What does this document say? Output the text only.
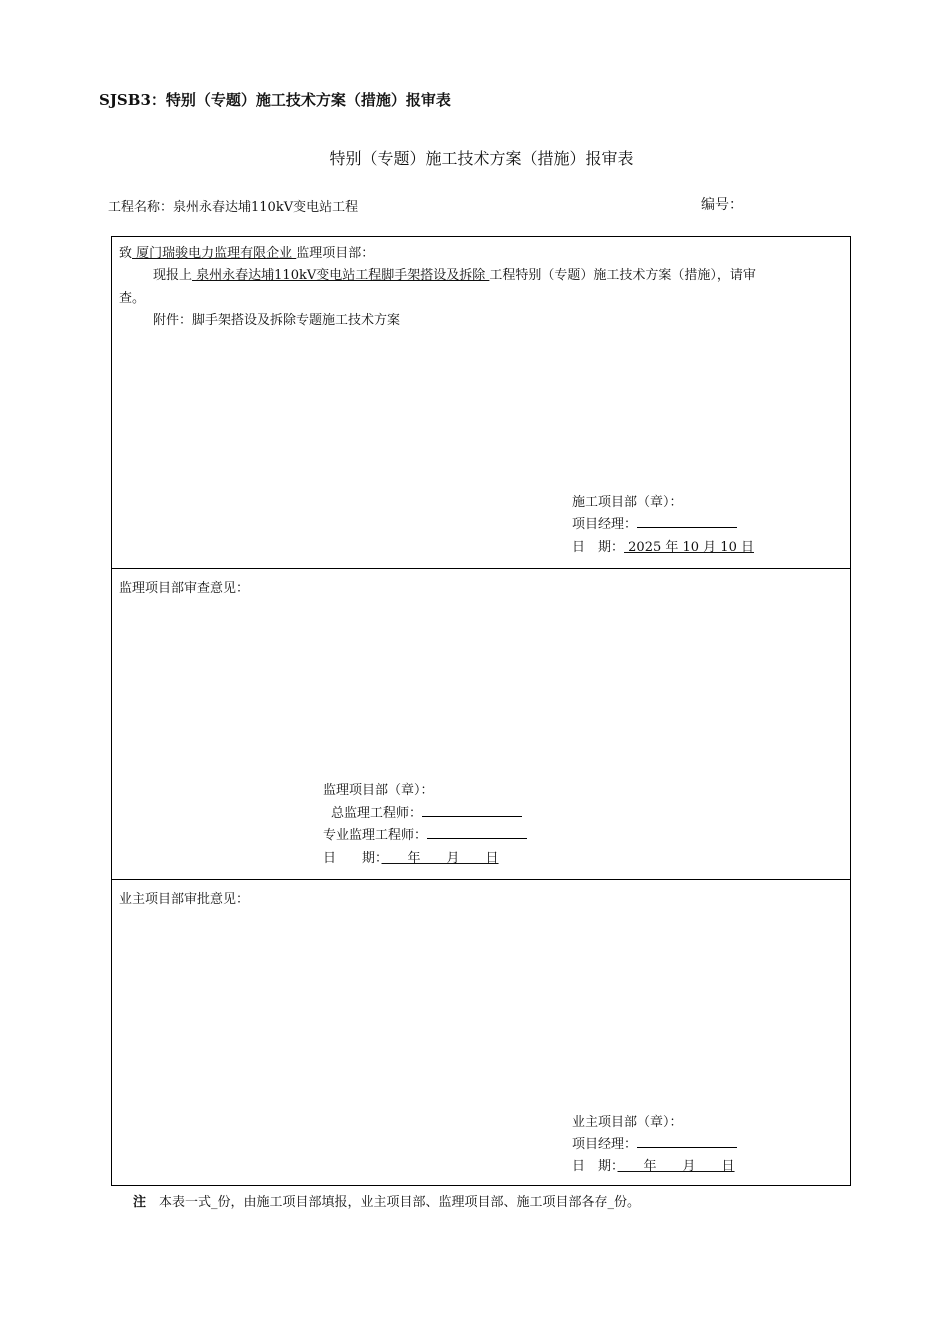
SJSB3：特别（专题）施工技术方案（措施）报审表
特别（专题）施工技术方案（措施）报审表
工程名称：泉州永春达埔110kV变电站工程	编号：
致 厦门瑞骏电力监理有限企业 监理项目部：
现报上 泉州永春达埔110kV变电站工程脚手架搭设及拆除 工程特别（专题）施工技术方案（措施），请审
查。
附件：脚手架搭设及拆除专题施工技术方案
施工项目部（章）：
项目经理：
日　期： 2025 年 10 月 10 日
监理项目部审查意见：
监理项目部（章）：
总监理工程师：
专业监理工程师：
日　　期：　　年　　月　　日
业主项目部审批意见：
业主项目部（章）：
项目经理：
日　期：　　年　　月　　日
注　本表一式_份，由施工项目部填报，业主项目部、监理项目部、施工项目部各存_份。
